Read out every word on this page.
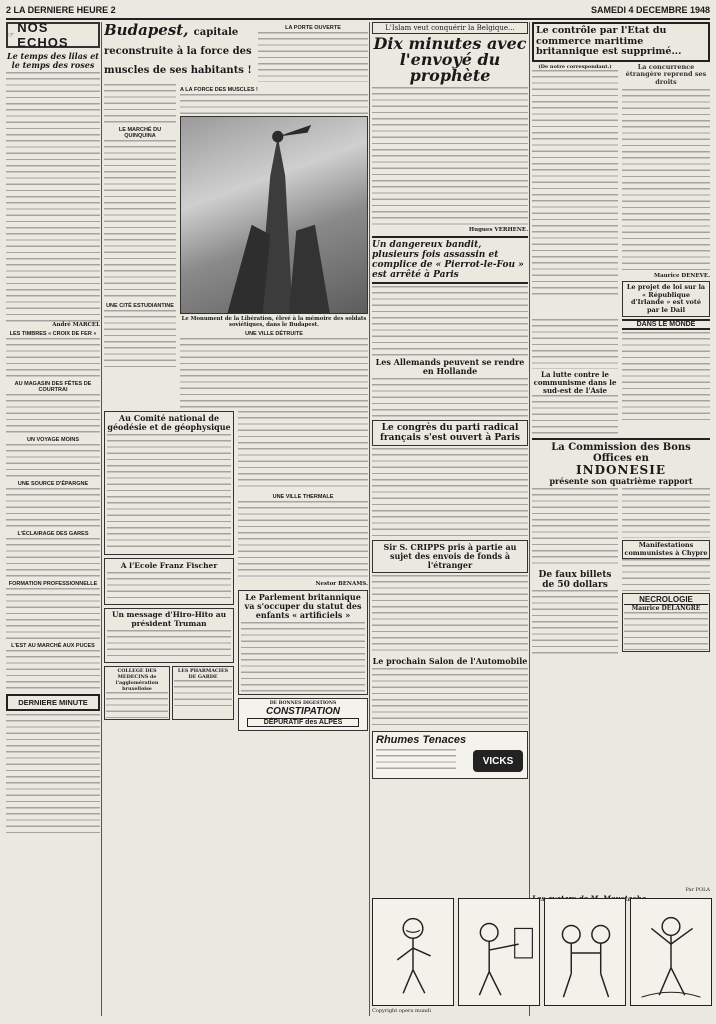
2 LA DERNIERE HEURE 2	SAMEDI 4 DECEMBRE 1948
☞ NOS ECHOS
Le temps des lilas et le temps des roses
André MARCEL
LES TIMBRES « CROIX DE FER »
AU MAGASIN DES FÊTES DE COURTRAI
UN VOYAGE MOINS
UNE SOURCE D'ÉPARGNE
L'ÉCLAIRAGE DES GARES
FORMATION PROFESSIONNELLE
L'EST AU MARCHÉ AUX PUCES
DERNIERE MINUTE
Budapest, capitale reconstruite à la force des muscles de ses habitants !
LA PORTE OUVERTE
LE MARCHÉ DU QUINQUINA
UNE CITÉ ESTUDIANTINE
A LA FORCE DES MUSCLES !
Le Monument de la Libération, élevé à la mémoire des soldats soviétiques, dans le Budapest.
UNE VILLE DÉTRUITE
Au Comité national de géodésie et de géophysique
A l'Ecole Franz Fischer
Un message d'Hiro-Hito au président Truman
COLLEGE DES MEDECINS de l'agglomération bruxelloise
LES PHARMACIES DE GARDE
UNE VILLE THERMALE
Nestor BENAMS.
Le Parlement britannique va s'occuper du statut des enfants « artificiels »
DE BONNES DIGESTIONS
CONSTIPATION
DÉPURATIF des ALPES
L'Islam veut conquérir la Belgique...
Dix minutes avec l'envoyé du prophète
Hugues VERHENE.
Un dangereux bandit, plusieurs fois assassin et complice de « Pierrot-le-Fou » est arrêté à Paris
Les Allemands peuvent se rendre en Hollande
Le congrès du parti radical français s'est ouvert à Paris
Sir S. CRIPPS pris à partie au sujet des envois de fonds à l'étranger
Le prochain Salon de l'Automobile
Rhumes Tenaces
VICKS
Le contrôle par l'Etat du commerce maritime britannique est supprimé...
(De notre correspondant.)	La concurrence étrangère reprend ses droits
Maurice DENEVE.
Le projet de loi sur la « République d'Irlande » est voté par le Dail
La lutte contre le communisme dans le sud-est de l'Asie
DANS LE MONDE
La Commission des Bons Offices en
INDONESIE
présente son quatrième rapport
De faux billets de 50 dollars
Manifestations communistes à Chypre
NECROLOGIE
Maurice DELANGRE
Par POLA
Copyright opera mundi
